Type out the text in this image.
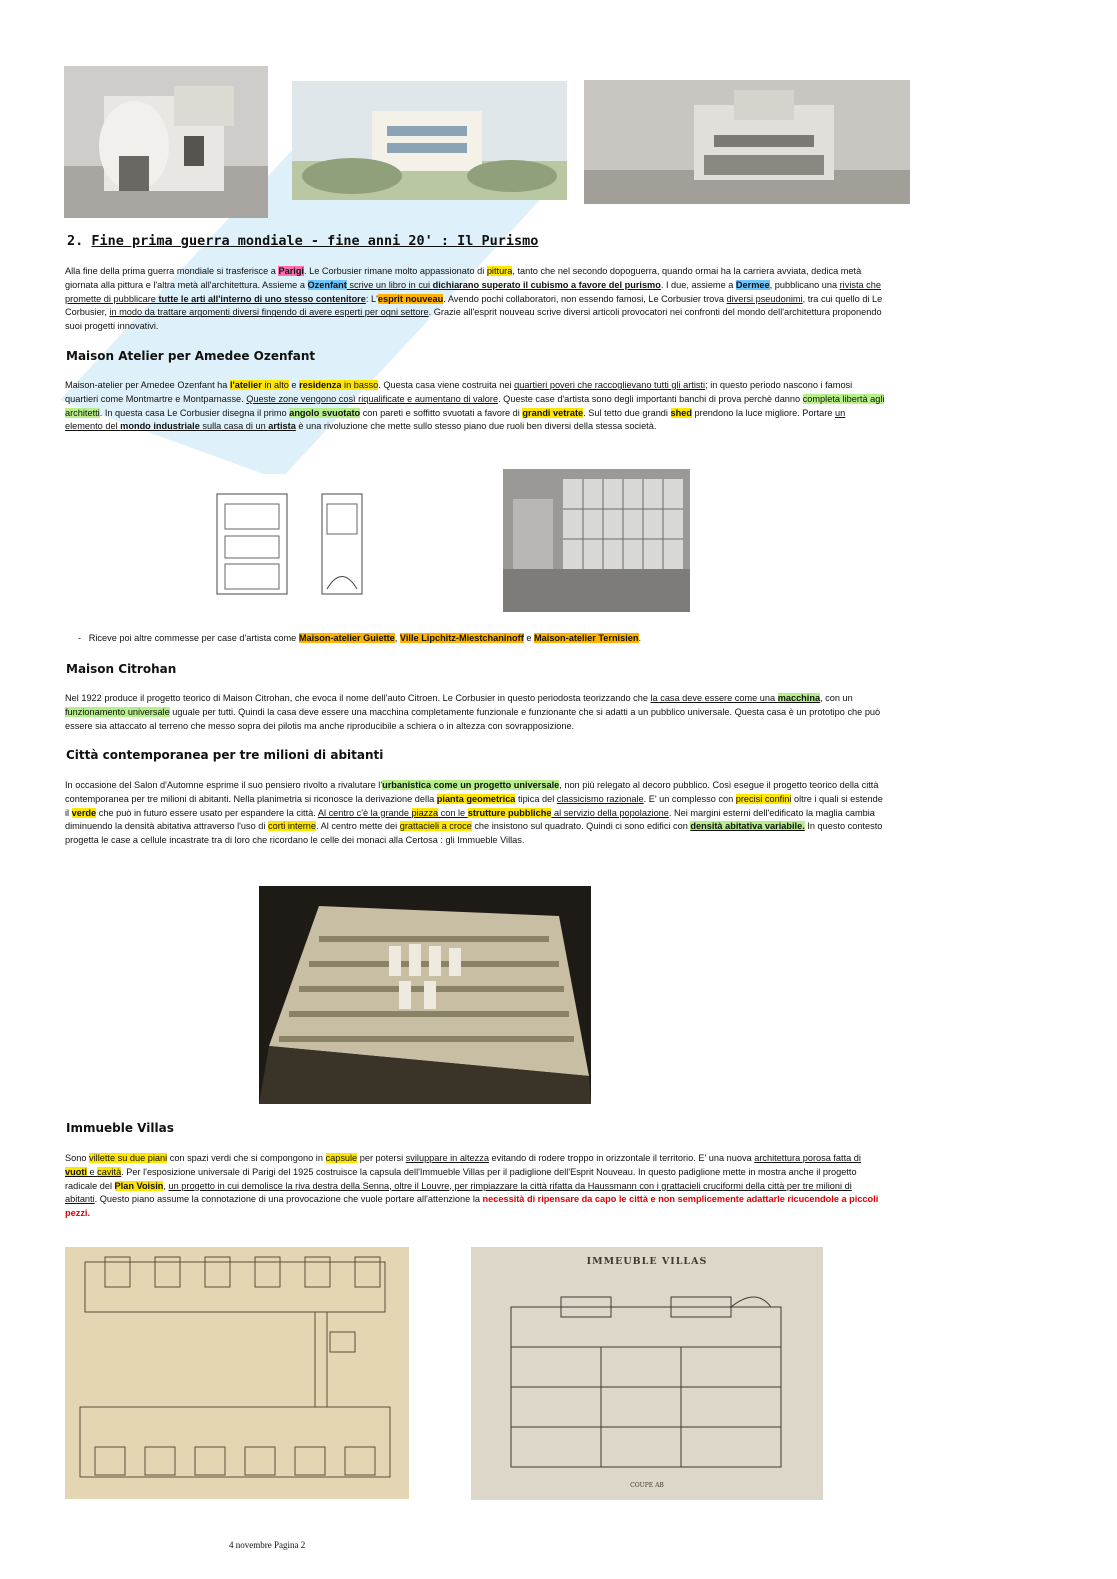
2. Fine prima guerra mondiale - fine anni 20' : Il Purismo
Alla fine della prima guerra mondiale si trasferisce a Parigi. Le Corbusier rimane molto appassionato di pittura, tanto che nel secondo dopoguerra, quando ormai ha la carriera avviata, dedica metà giornata alla pittura e l'altra metà all'architettura. Assieme a Ozenfant scrive un libro in cui dichiarano superato il cubismo a favore del purismo. I due, assieme a Dermee, pubblicano una rivista che promette di pubblicare tutte le arti all'interno di uno stesso contenitore: L'esprit nouveau. Avendo pochi collaboratori, non essendo famosi, Le Corbusier trova diversi pseudonimi, tra cui quello di Le Corbusier, in modo da trattare argomenti diversi fingendo di avere esperti per ogni settore. Grazie all'esprit nouveau scrive diversi articoli provocatori nei confronti del mondo dell'architettura proponendo suoi progetti innovativi.
Maison Atelier per Amedee Ozenfant
Maison-atelier per Amedee Ozenfant ha l'atelier in alto e residenza in basso. Questa casa viene costruita nei quartieri poveri che raccoglievano tutti gli artisti; in questo periodo nascono i famosi quartieri come Montmartre e Montparnasse. Queste zone vengono così riqualificate e aumentano di valore. Queste case d'artista sono degli importanti banchi di prova perchè danno completa libertà agli architetti. In questa casa Le Corbusier disegna il primo angolo svuotato con pareti e soffitto svuotati a favore di grandi vetrate. Sul tetto due grandi shed prendono la luce migliore. Portare un elemento del mondo industriale sulla casa di un artista è una rivoluzione che mette sullo stesso piano due ruoli ben diversi della stessa società.
-   Riceve poi altre commesse per case d'artista come Maison-atelier Guiette, Ville Lipchitz-Miestchaninoff e Maison-atelier Ternisien.
Maison Citrohan
Nel 1922 produce il progetto teorico di Maison Citrohan, che evoca il nome dell'auto Citroen. Le Corbusier in questo periodosta teorizzando che la casa deve essere come una macchina, con un funzionamento universale uguale per tutti. Quindi la casa deve essere una macchina completamente funzionale e funzionante che si adatti a un pubblico universale. Questa casa è un prototipo che può essere sia attaccato al terreno che messo sopra dei pilotis ma anche riproducibile a schiera o in altezza con sovrapposizione.
Città contemporanea per tre milioni di abitanti
In occasione del Salon d'Automne esprime il suo pensiero rivolto a rivalutare l'urbanistica come un progetto universale, non più relegato al decoro pubblico. Così esegue il progetto teorico della città contemporanea per tre milioni di abitanti. Nella planimetria si riconosce la derivazione della pianta geometrica tipica del classicismo razionale. E' un complesso con precisi confini oltre i quali si estende il verde che può in futuro essere usato per espandere la città. Al centro c'è la grande piazza con le strutture pubbliche al servizio della popolazione. Nei margini esterni dell'edificato la maglia cambia diminuendo la densità abitativa attraverso l'uso di corti interne. Al centro mette dei grattacieli a croce che insistono sul quadrato. Quindi ci sono edifici con densità abitativa variabile. In questo contesto progetta le case a cellule incastrate tra di loro che ricordano le celle dei monaci alla Certosa : gli Immueble Villas.
Immueble Villas
Sono villette su due piani con spazi verdi che si compongono in capsule per potersi sviluppare in altezza evitando di rodere troppo in orizzontale il territorio. E' una nuova architettura porosa fatta di vuoti e cavità. Per l'esposizione universale di Parigi del 1925 costruisce la capsula dell'Immueble Villas per il padiglione dell'Esprit Nouveau. In questo padiglione mette in mostra anche il progetto radicale del Plan Voisin, un progetto in cui demolisce la riva destra della Senna, oltre il Louvre, per rimpiazzare la città rifatta da Haussmann con i grattacieli cruciformi della città per tre milioni di abitanti. Questo piano assume la connotazione di una provocazione che vuole portare all'attenzione la necessità di ripensare da capo le città e non semplicemente adattarle ricucendole a piccoli pezzi.
IMMEUBLE VILLAS
COUPE AB
4 novembre Pagina 2
